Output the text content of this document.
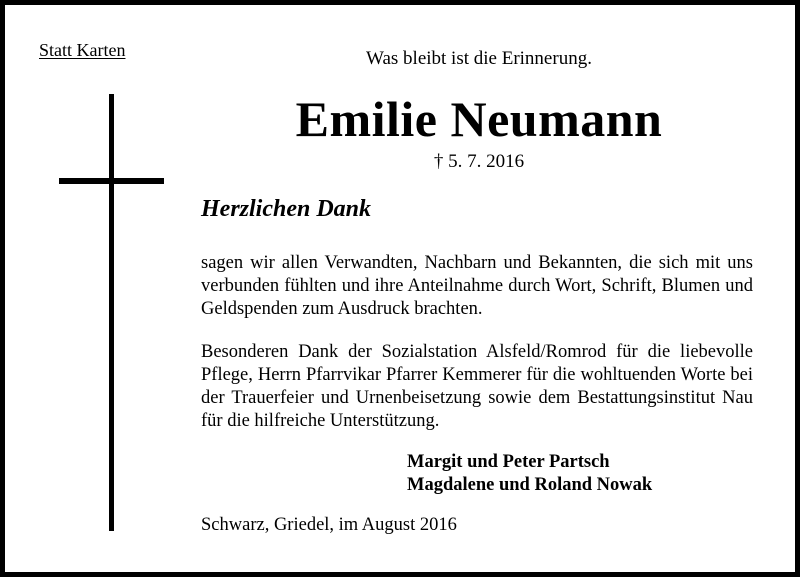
Statt Karten	Was bleibt ist die Erinnerung.
Emilie Neumann
† 5. 7. 2016
Herzlichen Dank
sagen wir allen Verwandten, Nachbarn und Bekannten, die sich mit uns verbunden fühlten und ihre Anteilnahme durch Wort, Schrift, Blumen und Geldspenden zum Ausdruck brachten.
Besonderen Dank der Sozialstation Alsfeld/Romrod für die liebevolle Pflege, Herrn Pfarrvikar Pfarrer Kemmerer für die wohltuenden Worte bei der Trauerfeier und Urnenbeisetzung sowie dem Bestattungsinstitut Nau für die hilfreiche Unterstützung.
Margit und Peter Partsch
Magdalene und Roland Nowak
Schwarz, Griedel, im August 2016
